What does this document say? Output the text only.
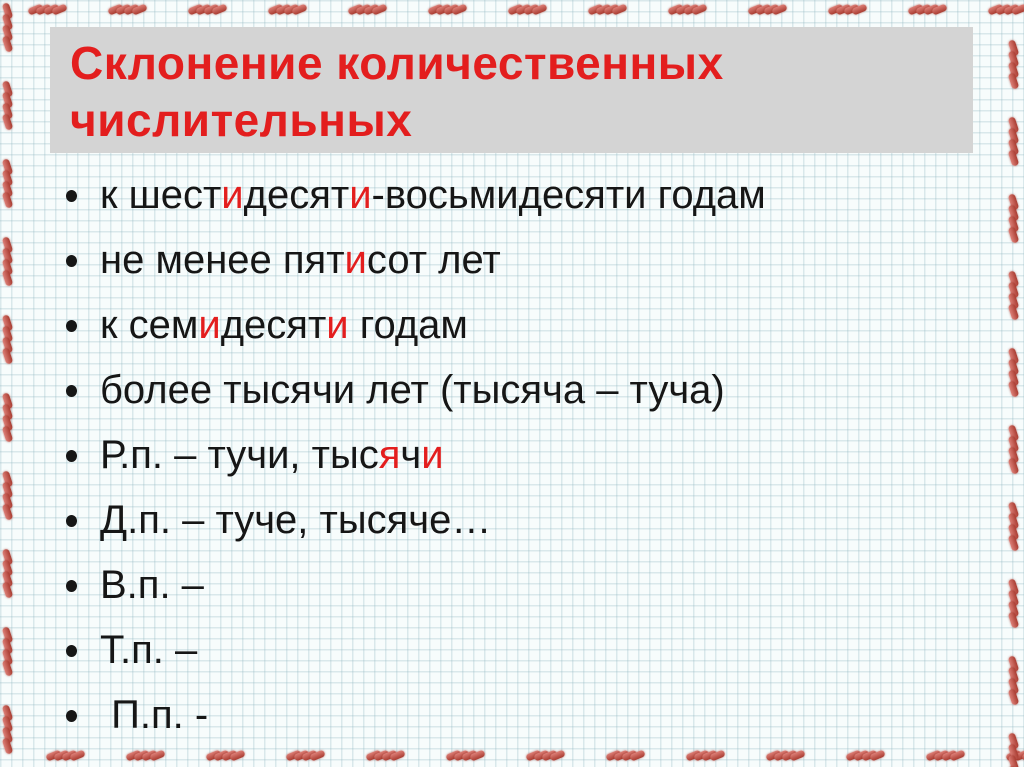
Склонение количественных
числительных
к шест и десят и -восьмидесяти годам
не менее пят и сот лет
к сем и десят и годам
более тысячи лет (тысяча – туча)
Р.п. – тучи, тыс я ч и
Д.п. – туче, тысяче…
В.п. –
Т.п. –
П.п. -
